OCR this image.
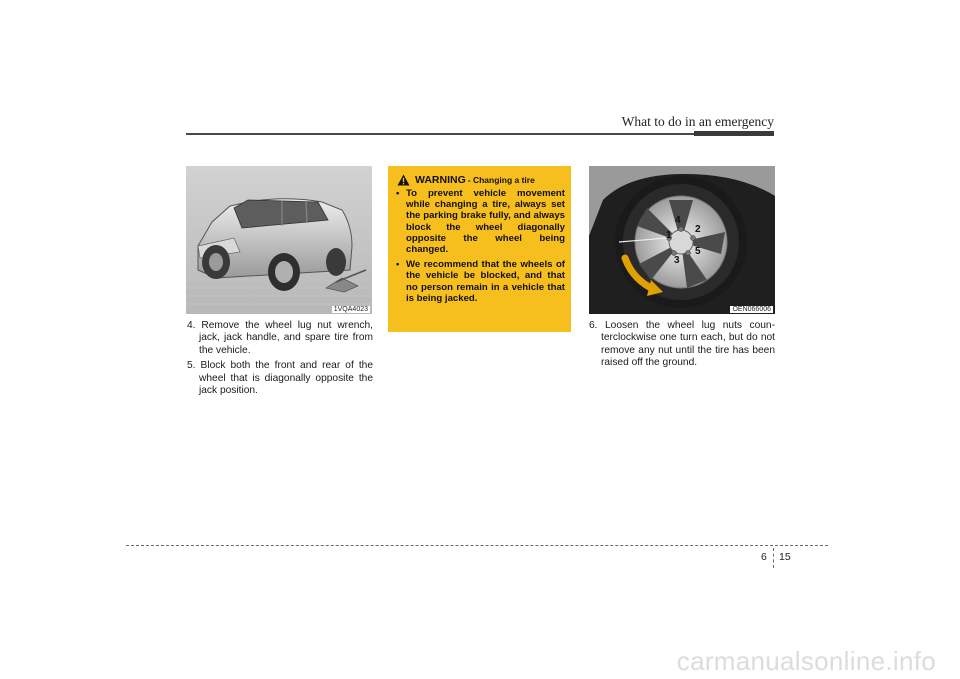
What to do in an emergency
1VQA4023
1
2
3
4
5
OEN066006

4. Remove the wheel lug nut wrench, jack, jack handle, and spare tire from the vehicle.

5. Block both the front and rear of the wheel that is diagonally opposite the jack position.

WARNING - Changing a tire
• To prevent vehicle movement while changing a tire, always set the parking brake fully, and always block the wheel diagonally opposite the wheel being changed.
• We recommend that the wheels of the vehicle be blocked, and that no person remain in a vehicle that is being jacked.

6. Loosen the wheel lug nuts coun-terclockwise one turn each, but do not remove any nut until the tire has been raised off the ground.

6 15
carmanualsonline.info
